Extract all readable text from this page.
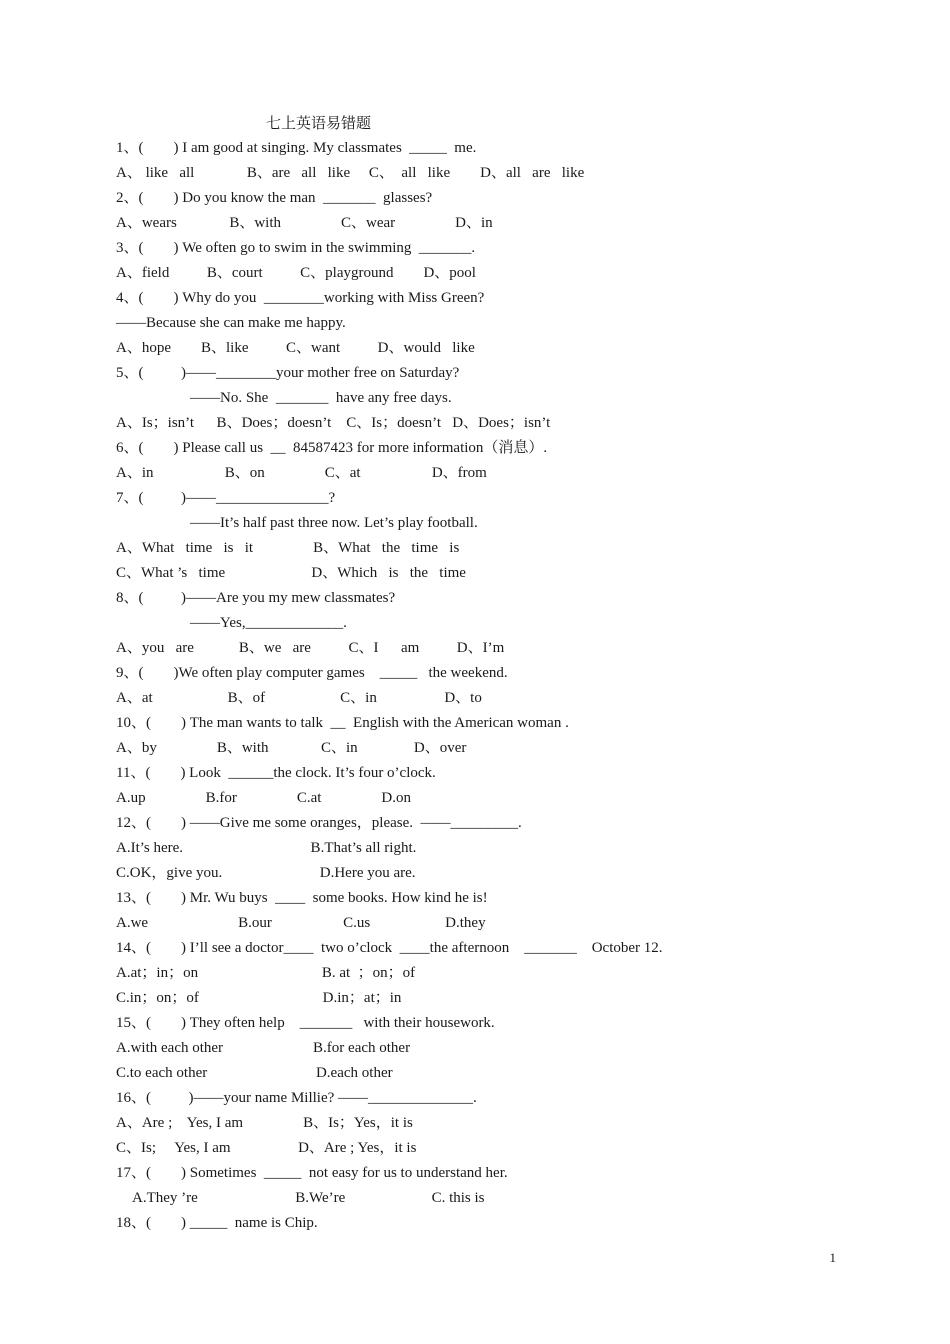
七上英语易错题
1、(        ) I am good at singing. My classmates  _____  me.
A、 like   all              B、are   all   like     C、  all   like        D、all   are   like
2、(        ) Do you know the man  _______  glasses?
A、wears              B、with                C、wear                D、in
3、(        ) We often go to swim in the swimming  _______.
A、field          B、court          C、playground        D、pool
4、(        ) Why do you  ________working with Miss Green?
——Because she can make me happy.
A、hope        B、like          C、want          D、would   like
5、(          )——________your mother free on Saturday?
——No. She  _______  have any free days.
A、Is；isn’t      B、Does；doesn’t    C、Is；doesn’t   D、Does；isn’t
6、(        ) Please call us  __  84587423 for more information（消息）.
A、in                   B、on                C、at                   D、from
7、(          )——_______________?
——It’s half past three now. Let’s play football.
A、What   time   is   it                B、What   the   time   is
C、What ’s   time                       D、Which   is   the   time
8、(          )——Are you my mew classmates?
——Yes,_____________.
A、you   are            B、we   are          C、I      am          D、I’m
9、(        )We often play computer games    _____   the weekend.
A、at                    B、of                    C、in                  D、to
10、(        ) The man wants to talk  __  English with the American woman .
A、by                B、with              C、in               D、over
11、(        ) Look  ______the clock. It’s four o’clock.
A.up                B.for                C.at                D.on
12、(        ) ——Give me some oranges，please.  ——_________.
A.It’s here.                                  B.That’s all right.
C.OK，give you.                          D.Here you are.
13、(        ) Mr. Wu buys  ____  some books. How kind he is!
A.we                        B.our                   C.us                    D.they
14、(        ) I’ll see a doctor____  two o’clock  ____the afternoon    _______    October 12.
A.at；in；on                                 B. at  ；on；of
C.in；on；of                                 D.in；at；in
15、(        ) They often help    _______   with their housework.
A.with each other                        B.for each other
C.to each other                             D.each other
16、(          )——your name Millie? ——______________.
A、Are ;    Yes, I am                B、Is；Yes，it is
C、Is;     Yes, I am                  D、Are ; Yes，it is
17、(        ) Sometimes  _____  not easy for us to understand her.
A.They ’re                          B.We’re                       C. this is
18、(        ) _____  name is Chip.
1
